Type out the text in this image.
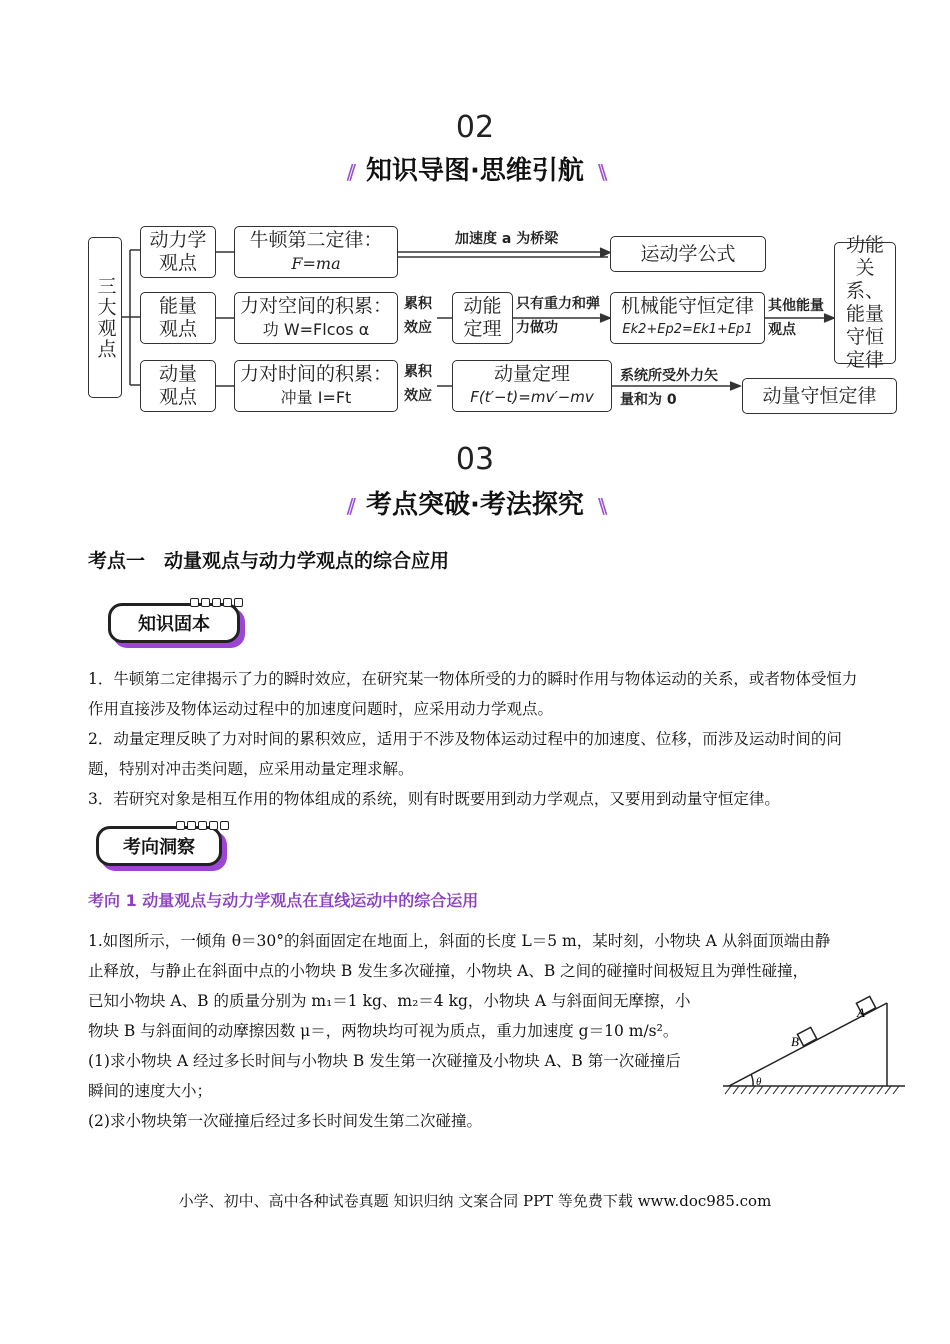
02
// 知识导图·思维引航 \\
三大观点
动力学观点
牛顿第二定律：
F=ma
加速度 a 为桥梁
运动学公式
能量观点
力对空间的积累：
功 W=Flcos α
累积效应
动能定理
只有重力和弹力做功
机械能守恒定律
Ek2+Ep2=Ek1+Ep1
其他能量观点
功能关系、能量守恒定律
动量观点
力对时间的积累：
冲量 I=Ft
累积效应
动量定理
F(t′−t)=mv′−mv
系统所受外力矢量和为 0	动量守恒定律
03
// 考点突破·考法探究 \\
考点一　动量观点与动力学观点的综合应用
知识固本

1．牛顿第二定律揭示了力的瞬时效应，在研究某一物体所受的力的瞬时作用与物体运动的关系，或者物体受恒力作用直接涉及物体运动过程中的加速度问题时，应采用动力学观点。

2．动量定理反映了力对时间的累积效应，适用于不涉及物体运动过程中的加速度、位移，而涉及运动时间的问题，特别对冲击类问题，应采用动量定理求解。

3．若研究对象是相互作用的物体组成的系统，则有时既要用到动力学观点，又要用到动量守恒定律。

考向洞察
考向 1 动量观点与动力学观点在直线运动中的综合运用
1.如图所示，一倾角 θ＝30°的斜面固定在地面上，斜面的长度 L＝5 m，某时刻，小物块 A 从斜面顶端由静
止释放，与静止在斜面中点的小物块 B 发生多次碰撞，小物块 A、B 之间的碰撞时间极短且为弹性碰撞，
已知小物块 A、B 的质量分别为 m₁＝1 kg、m₂＝4 kg，小物块 A 与斜面间无摩擦，小
物块 B 与斜面间的动摩擦因数 μ＝，两物块均可视为质点，重力加速度 g＝10 m/s²。
(1)求小物块 A 经过多长时间与小物块 B 发生第一次碰撞及小物块 A、B 第一次碰撞后
瞬间的速度大小；
(2)求小物块第一次碰撞后经过多长时间发生第二次碰撞。
A
B
θ
小学、初中、高中各种试卷真题 知识归纳 文案合同 PPT 等免费下载 www.doc985.com
